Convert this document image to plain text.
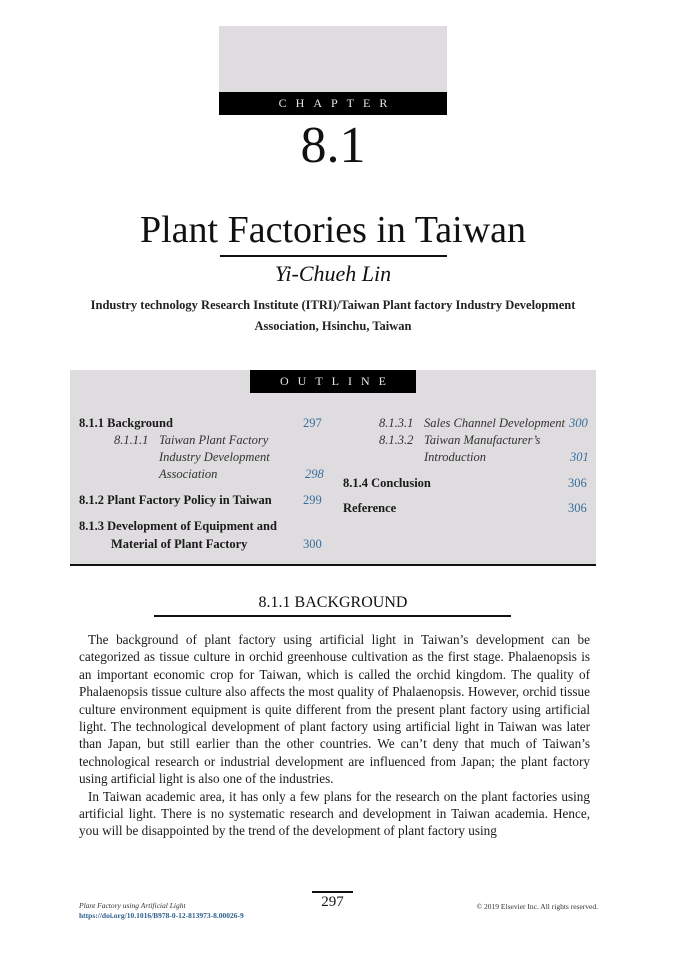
CHAPTER
8.1
Plant Factories in Taiwan
Yi-Chueh Lin
Industry technology Research Institute (ITRI)/Taiwan Plant factory Industry Development
Association, Hsinchu, Taiwan
OUTLINE
8.1.1 Background	297
8.1.1.1 Taiwan Plant Factory
Industry Development
Association	298
8.1.2 Plant Factory Policy in Taiwan	299
8.1.3 Development of Equipment and
Material of Plant Factory	300
8.1.3.1 Sales Channel Development 300
8.1.3.2 Taiwan Manufacturer’s
Introduction	301
8.1.4 Conclusion	306
Reference	306
8.1.1 BACKGROUND

The background of plant factory using artificial light in Taiwan’s development can be categorized as tissue culture in orchid greenhouse cultivation as the first stage. Phalaenopsis is an important economic crop for Taiwan, which is called the orchid kingdom. The quality of Phalaenopsis tissue culture also affects the most quality of Phalaenopsis. However, orchid tissue culture environment equipment is quite different from the present plant factory using artificial light. The technological development of plant factory using artificial light in Taiwan was later than Japan, but still earlier than the other countries. We can’t deny that much of Taiwan’s technological research or industrial development are influenced from Japan; the plant factory using artificial light is also one of the industries.

In Taiwan academic area, it has only a few plans for the research on the plant factories using artificial light. There is no systematic research and development in Taiwan academia. Hence, you will be disappointed by the trend of the development of plant factory using

Plant Factory using Artificial Light
https://doi.org/10.1016/B978-0-12-813973-8.00026-9
297	© 2019 Elsevier Inc. All rights reserved.
